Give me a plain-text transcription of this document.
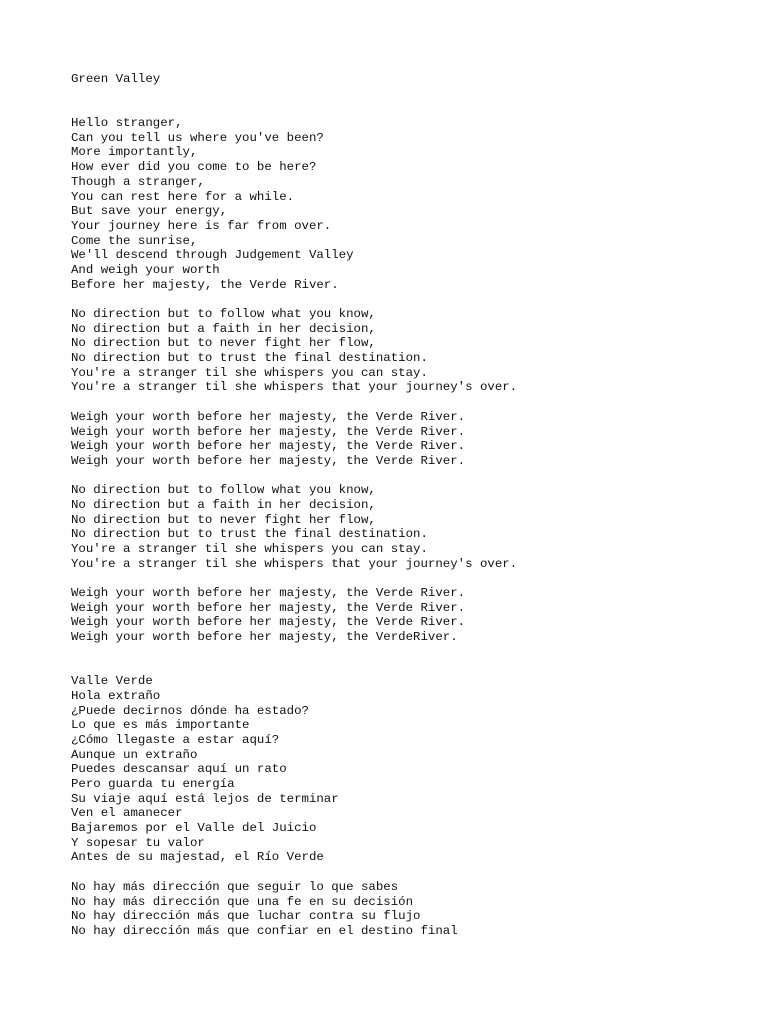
Green Valley
Hello stranger,
Can you tell us where you've been?
More importantly,
How ever did you come to be here?
Though a stranger,
You can rest here for a while.
But save your energy,
Your journey here is far from over.
Come the sunrise,
We'll descend through Judgement Valley
And weigh your worth
Before her majesty, the Verde River.
No direction but to follow what you know,
No direction but a faith in her decision,
No direction but to never fight her flow,
No direction but to trust the final destination.
You're a stranger til she whispers you can stay.
You're a stranger til she whispers that your journey's over.
Weigh your worth before her majesty, the Verde River.
Weigh your worth before her majesty, the Verde River.
Weigh your worth before her majesty, the Verde River.
Weigh your worth before her majesty, the Verde River.
No direction but to follow what you know,
No direction but a faith in her decision,
No direction but to never fight her flow,
No direction but to trust the final destination.
You're a stranger til she whispers you can stay.
You're a stranger til she whispers that your journey's over.
Weigh your worth before her majesty, the Verde River.
Weigh your worth before her majesty, the Verde River.
Weigh your worth before her majesty, the Verde River.
Weigh your worth before her majesty, the VerdeRiver.
Valle Verde
Hola extraño
¿Puede decirnos dónde ha estado?
Lo que es más importante
¿Cómo llegaste a estar aquí?
Aunque un extraño
Puedes descansar aquí un rato
Pero guarda tu energía
Su viaje aquí está lejos de terminar
Ven el amanecer
Bajaremos por el Valle del Juicio
Y sopesar tu valor
Antes de su majestad, el Río Verde
No hay más dirección que seguir lo que sabes
No hay más dirección que una fe en su decisión
No hay dirección más que luchar contra su flujo
No hay dirección más que confiar en el destino final
